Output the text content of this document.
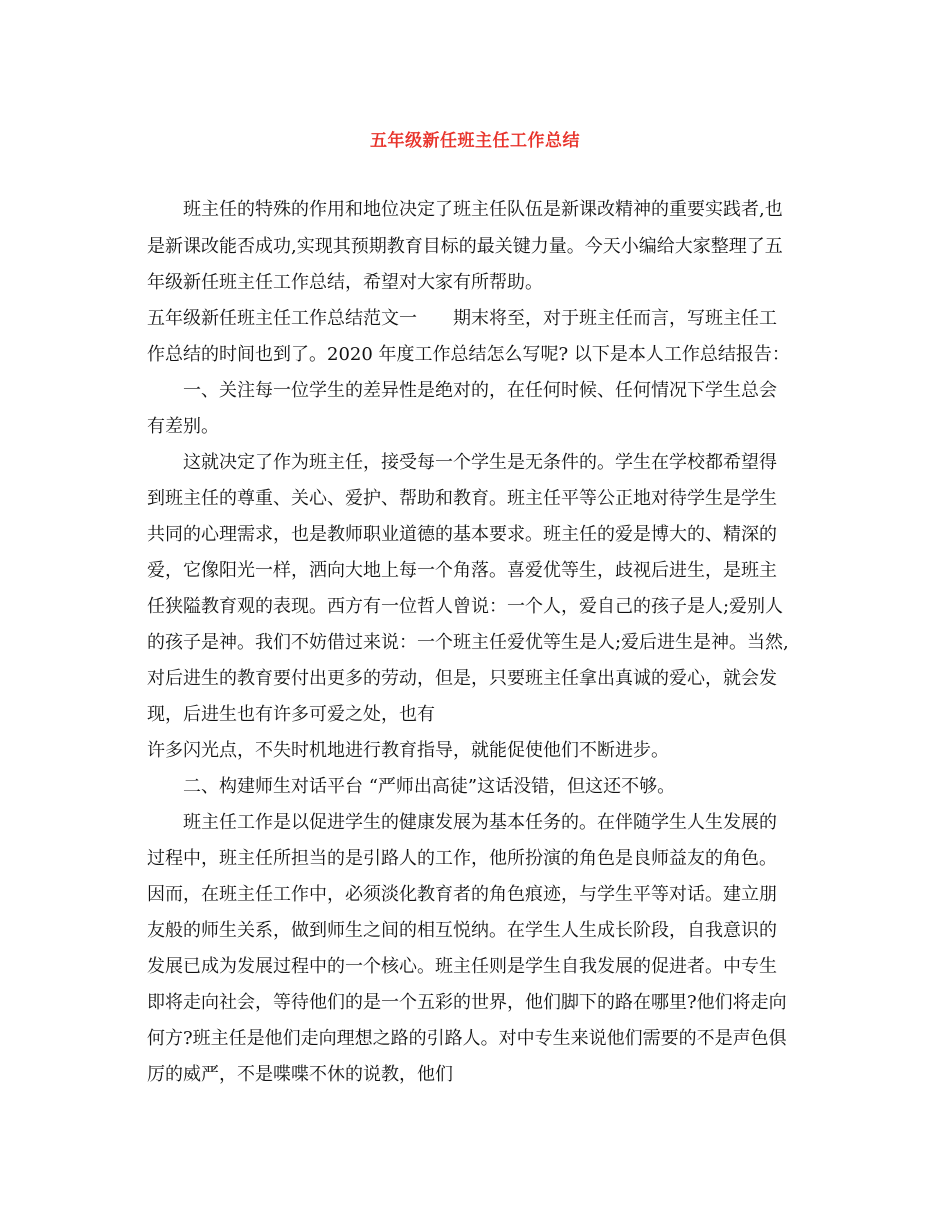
五年级新任班主任工作总结
班主任的特殊的作用和地位决定了班主任队伍是新课改精神的重要实践者,也
是新课改能否成功,实现其预期教育目标的最关键力量。今天小编给大家整理了五
年级新任班主任工作总结，希望对大家有所帮助。
五年级新任班主任工作总结范文一　　期末将至，对于班主任而言，写班主任工
作总结的时间也到了。2020 年度工作总结怎么写呢? 以下是本人工作总结报告：
一、关注每一位学生的差异性是绝对的，在任何时候、任何情况下学生总会
有差别。
这就决定了作为班主任，接受每一个学生是无条件的。学生在学校都希望得
到班主任的尊重、关心、爱护、帮助和教育。班主任平等公正地对待学生是学生
共同的心理需求，也是教师职业道德的基本要求。班主任的爱是博大的、精深的
爱，它像阳光一样，洒向大地上每一个角落。喜爱优等生，歧视后进生，是班主
任狭隘教育观的表现。西方有一位哲人曾说：一个人，爱自己的孩子是人;爱别人
的孩子是神。我们不妨借过来说：一个班主任爱优等生是人;爱后进生是神。当然,
对后进生的教育要付出更多的劳动，但是，只要班主任拿出真诚的爱心，就会发
现，后进生也有许多可爱之处，也有
许多闪光点，不失时机地进行教育指导，就能促使他们不断进步。
二、构建师生对话平台 “严师出高徒”这话没错，但这还不够。
班主任工作是以促进学生的健康发展为基本任务的。在伴随学生人生发展的
过程中，班主任所担当的是引路人的工作，他所扮演的角色是良师益友的角色。
因而，在班主任工作中，必须淡化教育者的角色痕迹，与学生平等对话。建立朋
友般的师生关系，做到师生之间的相互悦纳。在学生人生成长阶段，自我意识的
发展已成为发展过程中的一个核心。班主任则是学生自我发展的促进者。中专生
即将走向社会，等待他们的是一个五彩的世界，他们脚下的路在哪里?他们将走向
何方?班主任是他们走向理想之路的引路人。对中专生来说他们需要的不是声色俱
厉的威严，不是喋喋不休的说教，他们
